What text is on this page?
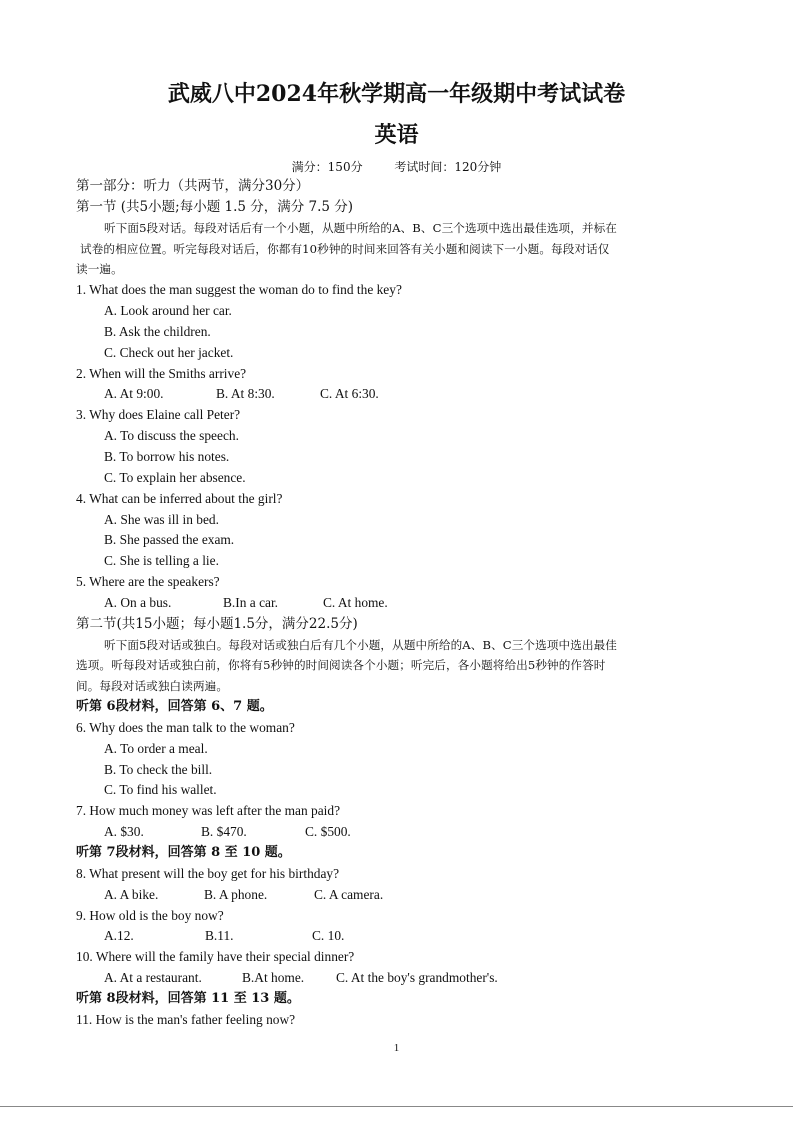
武威八中2024年秋学期高一年级期中考试试卷
英语
满分：150分	考试时间：120分钟
第一部分：听力（共两节，满分30分）
第一节 (共5小题;每小题 1.5 分，满分 7.5 分)
听下面5段对话。每段对话后有一个小题，从题中所给的A、B、C三个选项中选出最佳选项，并标在
试卷的相应位置。听完每段对话后，你都有10秒钟的时间来回答有关小题和阅读下一小题。每段对话仅
读一遍。
1. What does the man suggest the woman do to find the key?
A. Look around her car.
B. Ask the children.
C. Check out her jacket.
2. When will the Smiths arrive?
A. At 9:00.	B. At 8:30.	C. At 6:30.
3. Why does Elaine call Peter?
A. To discuss the speech.
B. To borrow his notes.
C. To explain her absence.
4. What can be inferred about the girl?
A. She was ill in bed.
B. She passed the exam.
C. She is telling a lie.
5. Where are the speakers?
A. On a bus.	B.In a car.	C. At home.
第二节(共15小题；每小题1.5分，满分22.5分)
听下面5段对话或独白。每段对话或独白后有几个小题，从题中所给的A、B、C三个选项中选出最佳
选项。听每段对话或独白前，你将有5秒钟的时间阅读各个小题；听完后，各小题将给出5秒钟的作答时
间。每段对话或独白读两遍。
听第 6段材料，回答第 6、7 题。
6. Why does the man talk to the woman?
A. To order a meal.
B. To check the bill.
C. To find his wallet.
7. How much money was left after the man paid?
A. $30.	B. $470.	C. $500.
听第 7段材料，回答第 8 至 10 题。
8. What present will the boy get for his birthday?
A. A bike.	B. A phone.	C. A camera.
9. How old is the boy now?
A.12.	B.11.	C. 10.
10. Where will the family have their special dinner?
A. At a restaurant.	B.At home. C. At the boy's grandmother's.
听第 8段材料，回答第 11 至 13 题。
11. How is the man's father feeling now?
1
